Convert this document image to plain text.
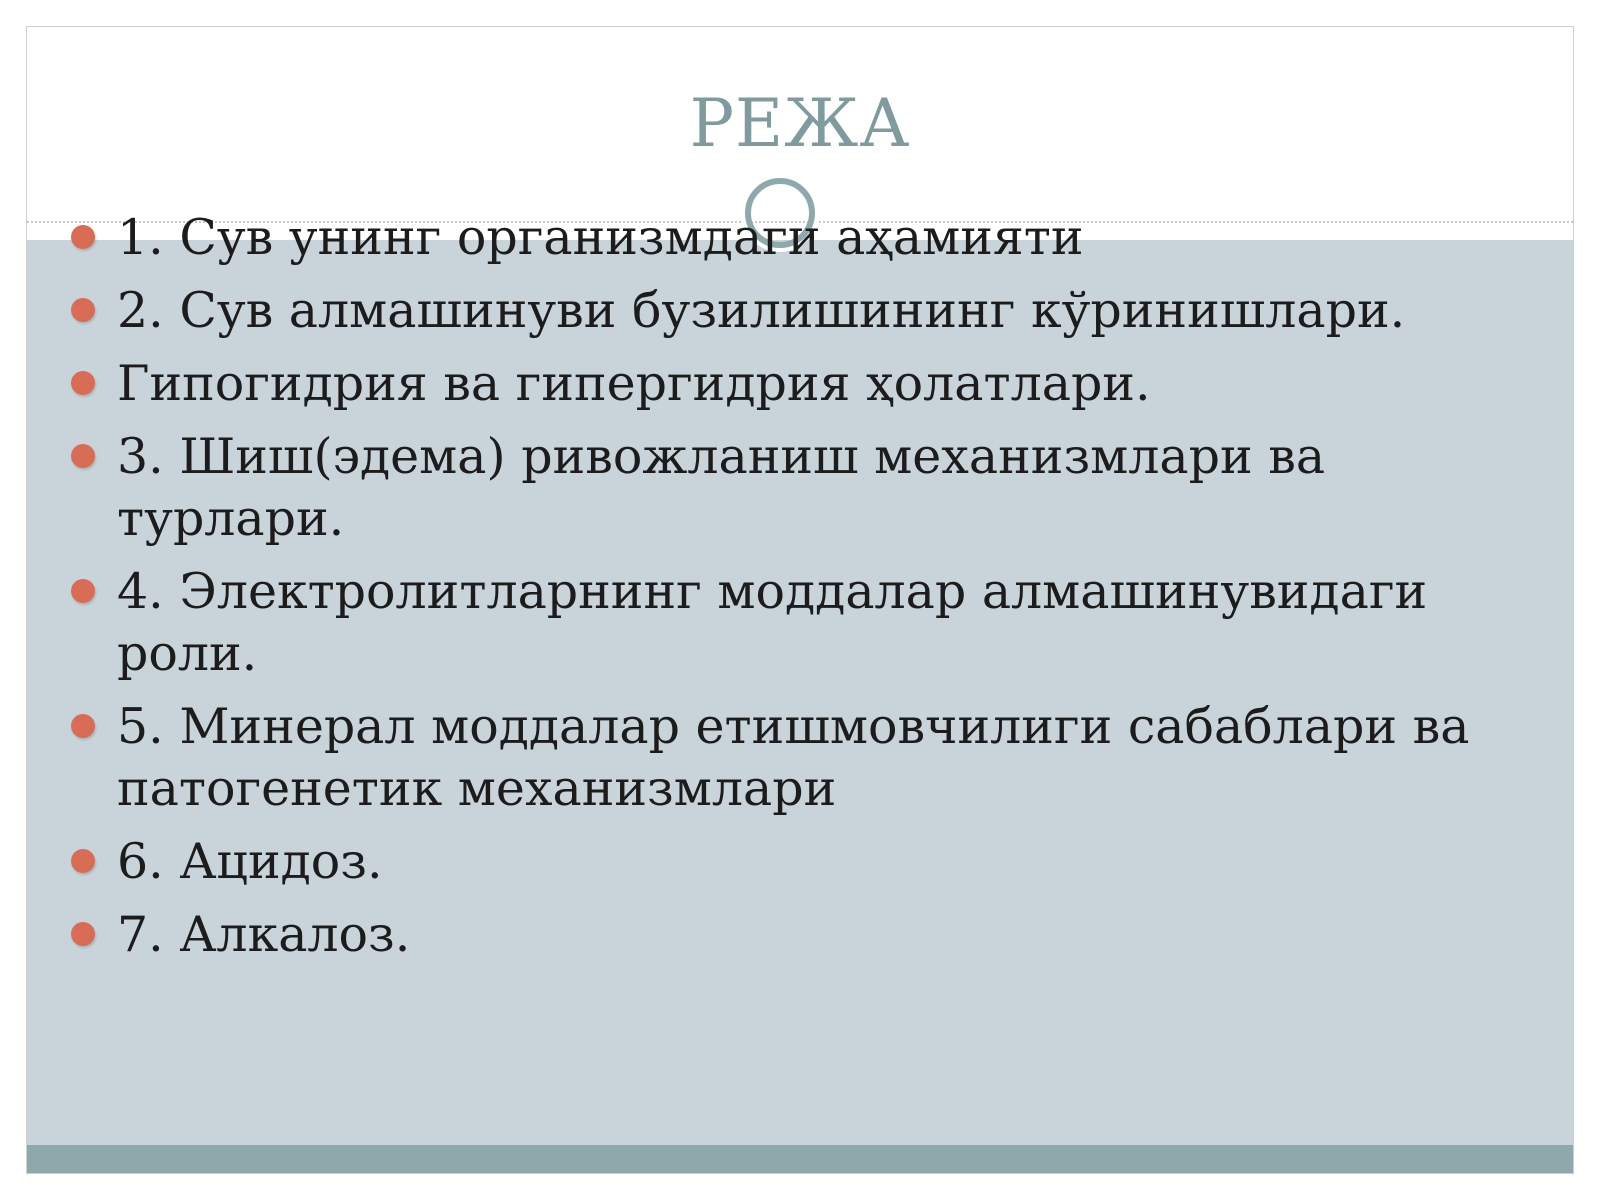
РЕЖА
1. Сув унинг организмдаги аҳамияти
2. Сув алмашинуви бузилишининг кўринишлари.
Гипогидрия ва гипергидрия ҳолатлари.
3. Шиш(эдема) ривожланиш механизмлари ва турлари.
4. Электролитларнинг моддалар алмашинувидаги роли.
5. Минерал моддалар етишмовчилиги сабаблари ва патогенетик механизмлари
6. Ацидоз.
7. Алкалоз.
